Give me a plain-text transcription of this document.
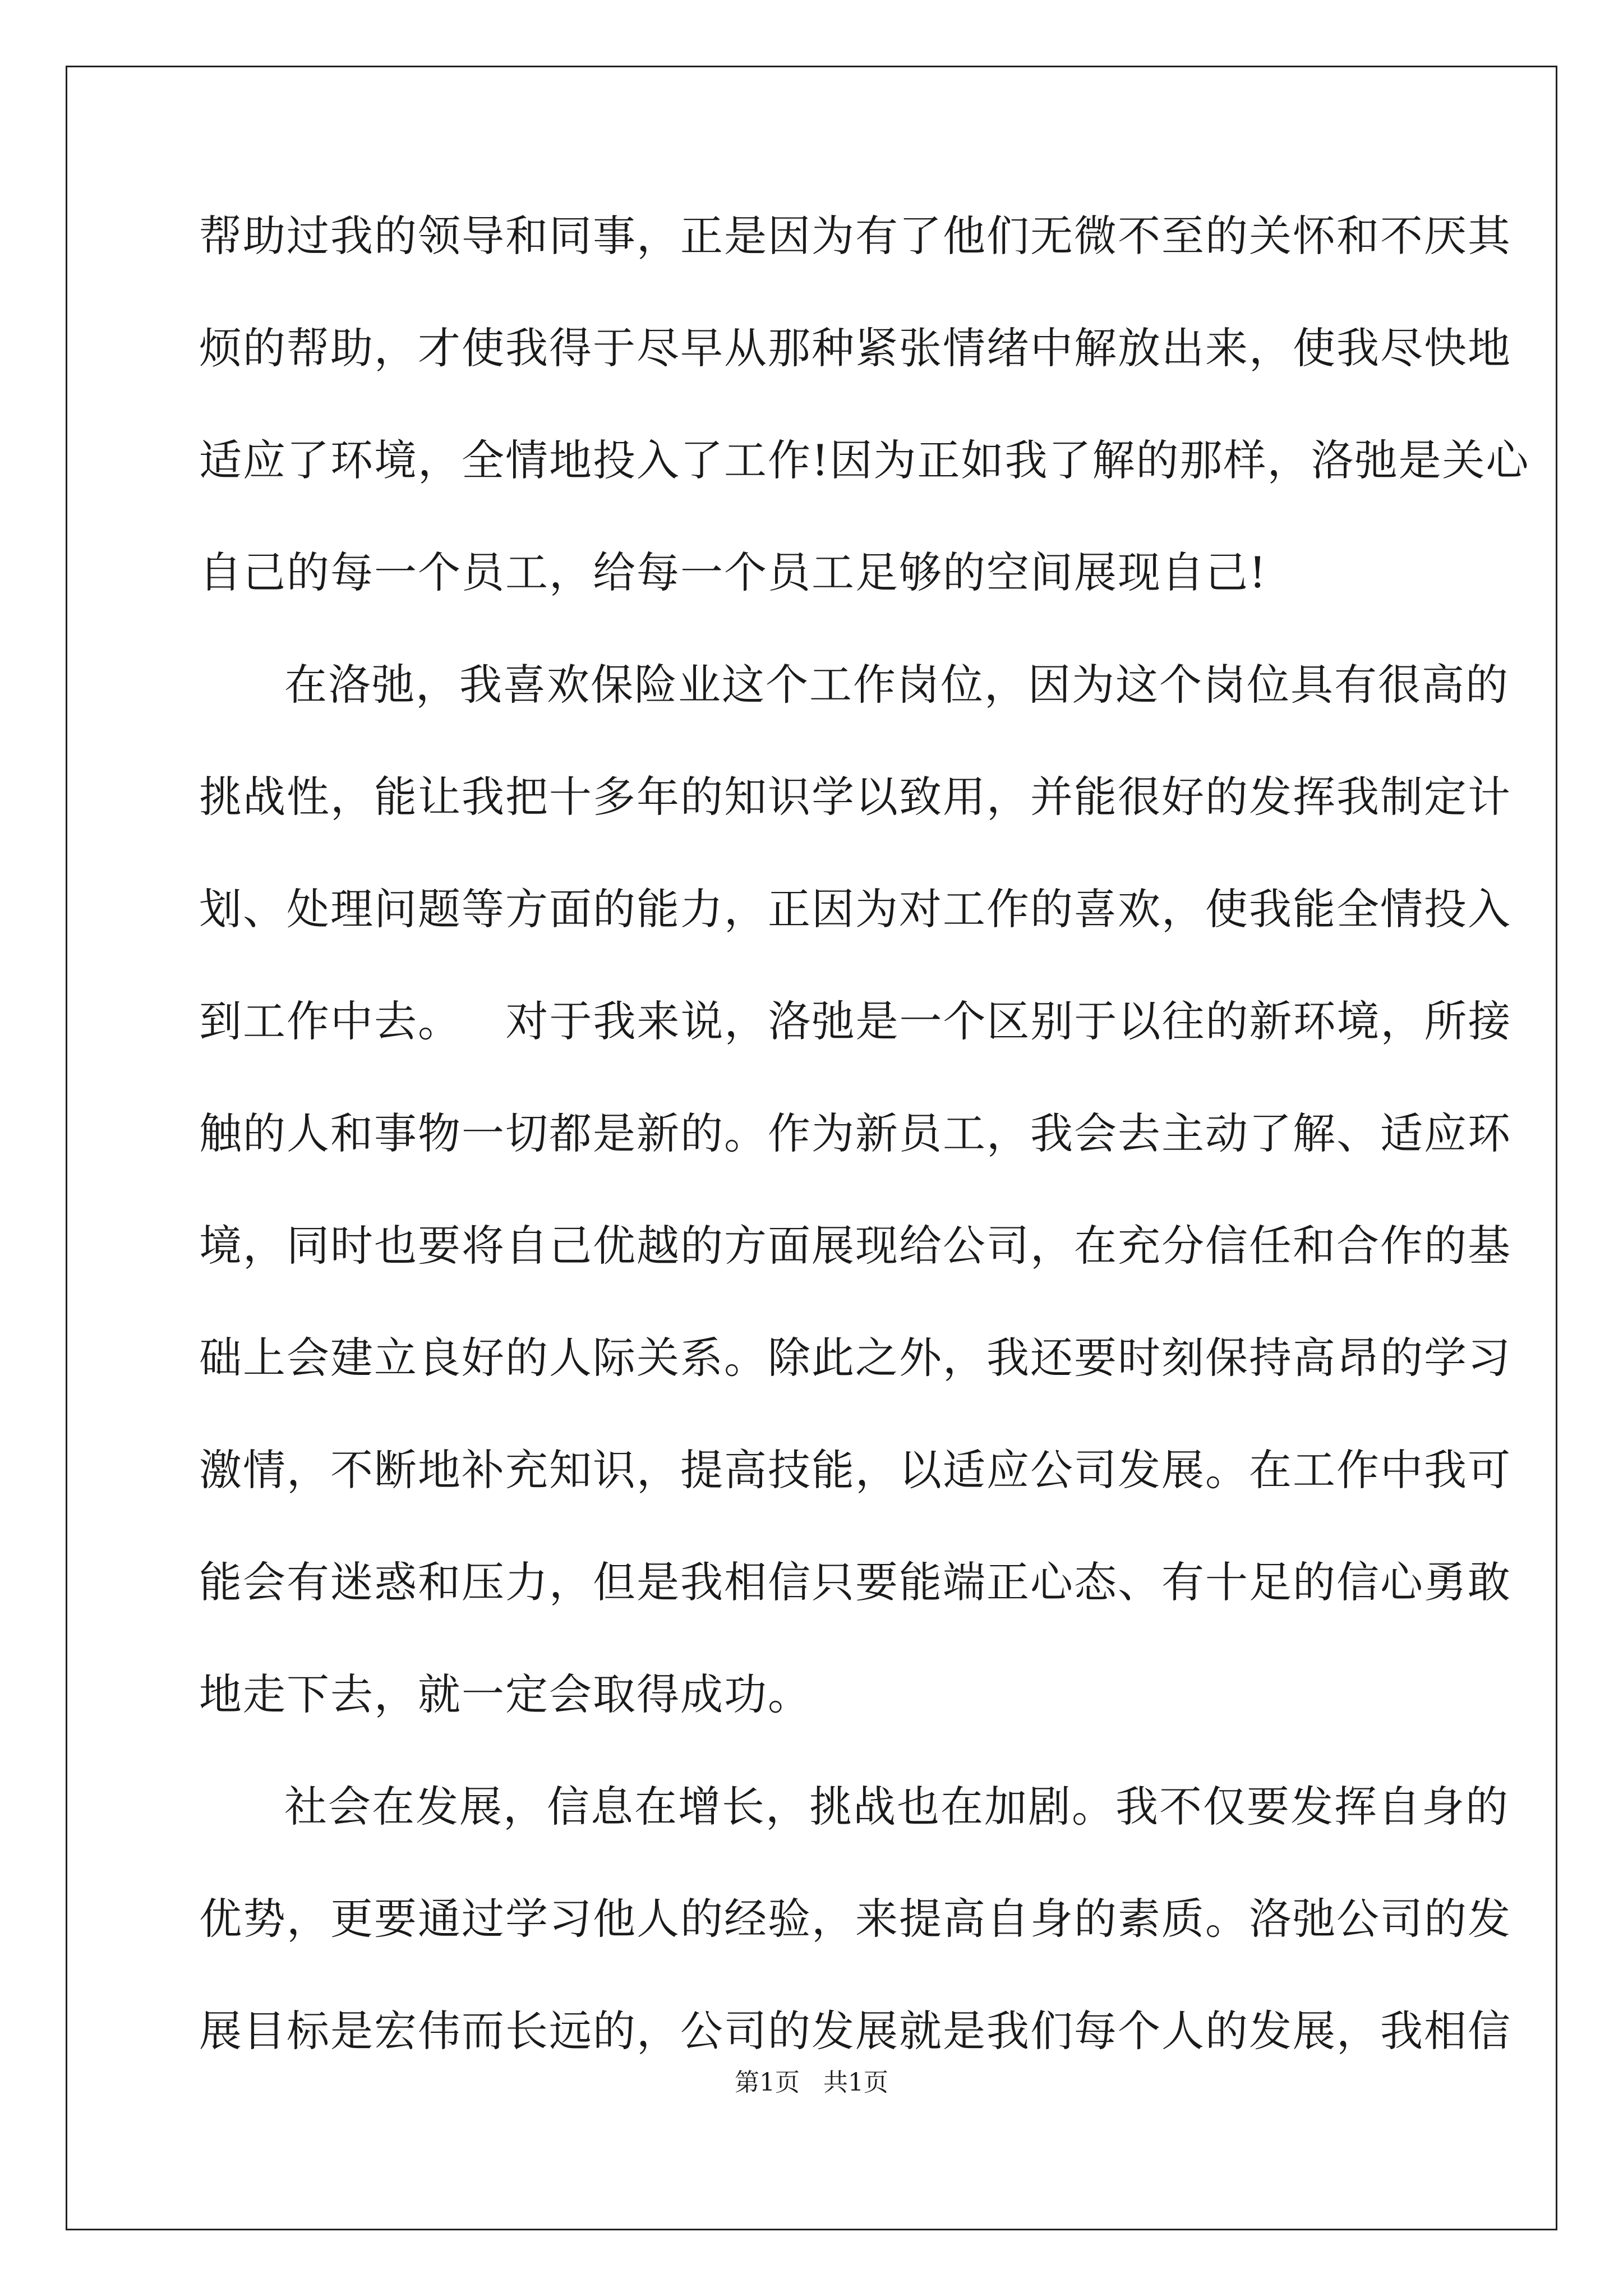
帮助过我的领导和同事，正是因为有了他们无微不至的关怀和不厌其
烦的帮助，才使我得于尽早从那种紧张情绪中解放出来，使我尽快地
适应了环境，全情地投入了工作!因为正如我了解的那样，洛弛是关心
自己的每一个员工，给每一个员工足够的空间展现自己!
在洛弛，我喜欢保险业这个工作岗位，因为这个岗位具有很高的
挑战性，能让我把十多年的知识学以致用，并能很好的发挥我制定计
划、处理问题等方面的能力，正因为对工作的喜欢，使我能全情投入
到工作中去。   对于我来说，洛弛是一个区别于以往的新环境，所接
触的人和事物一切都是新的。作为新员工，我会去主动了解、适应环
境，同时也要将自己优越的方面展现给公司，在充分信任和合作的基
础上会建立良好的人际关系。除此之外，我还要时刻保持高昂的学习
激情，不断地补充知识，提高技能，以适应公司发展。在工作中我可
能会有迷惑和压力，但是我相信只要能端正心态、有十足的信心勇敢
地走下去，就一定会取得成功。
社会在发展，信息在增长，挑战也在加剧。我不仅要发挥自身的
优势，更要通过学习他人的经验，来提高自身的素质。洛弛公司的发
展目标是宏伟而长远的，公司的发展就是我们每个人的发展，我相信
第1页   共1页
